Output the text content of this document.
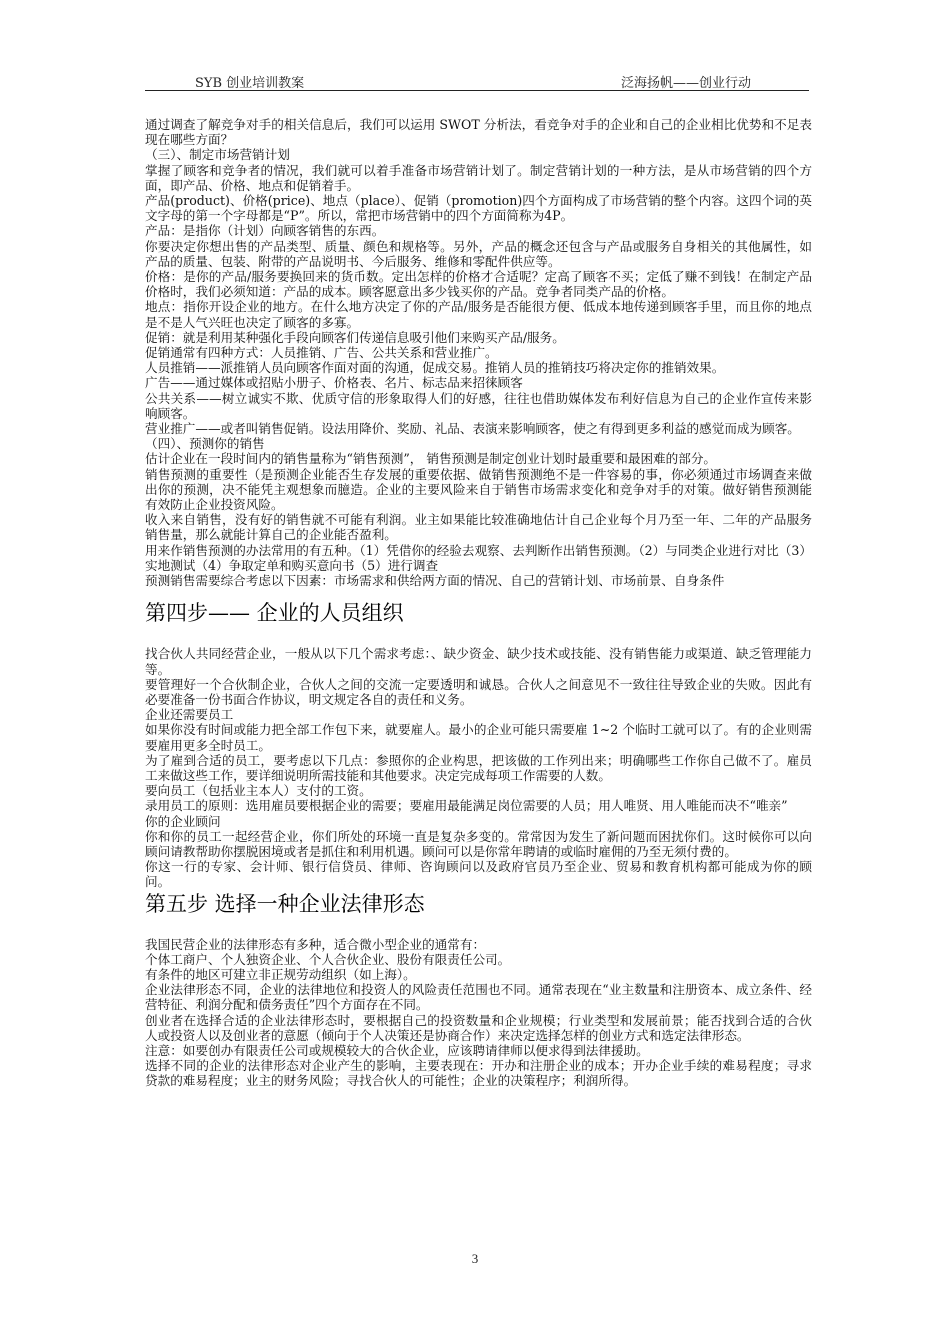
SYB 创业培训教案	泛海扬帆——创业行动

通过调查了解竞争对手的相关信息后，我们可以运用 SWOT 分析法，看竞争对手的企业和自己的企业相比优势和不足表现在哪些方面？

（三）、制定市场营销计划

掌握了顾客和竞争者的情况，我们就可以着手准备市场营销计划了。制定营销计划的一种方法，是从市场营销的四个方面，即产品、价格、地点和促销着手。

产品(product)、价格(price)、地点（place）、促销（promotion)四个方面构成了市场营销的整个内容。这四个词的英文字母的第一个字母都是“P”。所以，常把市场营销中的四个方面简称为4P。

产品：是指你（计划）向顾客销售的东西。

你要决定你想出售的产品类型、质量、颜色和规格等。另外，产品的概念还包含与产品或服务自身相关的其他属性，如产品的质量、包装、附带的产品说明书、今后服务、维修和零配件供应等。

价格：是你的产品/服务要换回来的货币数。定出怎样的价格才合适呢？定高了顾客不买；定低了赚不到钱！在制定产品价格时，我们必须知道：产品的成本。顾客愿意出多少钱买你的产品。竞争者同类产品的价格。

地点：指你开设企业的地方。在什么地方决定了你的产品/服务是否能很方便、低成本地传递到顾客手里，而且你的地点是不是人气兴旺也决定了顾客的多寡。

促销：就是利用某种强化手段向顾客们传递信息吸引他们来购买产品/服务。

促销通常有四种方式：人员推销、广告、公共关系和营业推广。

人员推销——派推销人员向顾客作面对面的沟通，促成交易。推销人员的推销技巧将决定你的推销效果。

广告——通过媒体或招贴小册子、价格表、名片、标志品来招徕顾客

公共关系——树立诚实不欺、优质守信的形象取得人们的好感，往往也借助媒体发布利好信息为自己的企业作宣传来影响顾客。

营业推广——或者叫销售促销。设法用降价、奖励、礼品、表演来影响顾客，使之有得到更多利益的感觉而成为顾客。

（四）、预测你的销售

估计企业在一段时间内的销售量称为“销售预测”， 销售预测是制定创业计划时最重要和最困难的部分。

销售预测的重要性（是预测企业能否生存发展的重要依据、做销售预测绝不是一件容易的事，你必须通过市场调查来做出你的预测，决不能凭主观想象而臆造。企业的主要风险来自于销售市场需求变化和竞争对手的对策。做好销售预测能有效防止企业投资风险。

收入来自销售，没有好的销售就不可能有利润。业主如果能比较准确地估计自己企业每个月乃至一年、二年的产品服务销售量，那么就能计算自己的企业能否盈利。

用来作销售预测的办法常用的有五种。（1）凭借你的经验去观察、去判断作出销售预测。（2）与同类企业进行对比（3）实地测试（4）争取定单和购买意向书（5）进行调查

预测销售需要综合考虑以下因素：市场需求和供给两方面的情况、自己的营销计划、市场前景、自身条件

第四步—— 企业的人员组织

找合伙人共同经营企业，一般从以下几个需求考虑：、缺少资金、缺少技术或技能、没有销售能力或渠道、缺乏管理能力等。

要管理好一个合伙制企业，合伙人之间的交流一定要透明和诚恳。合伙人之间意见不一致往往导致企业的失败。因此有必要准备一份书面合作协议，明文规定各自的责任和义务。

企业还需要员工

如果你没有时间或能力把全部工作包下来，就要雇人。最小的企业可能只需要雇 1~2 个临时工就可以了。有的企业则需要雇用更多全时员工。

为了雇到合适的员工，要考虑以下几点：参照你的企业构思，把该做的工作列出来；明确哪些工作你自己做不了。雇员工来做这些工作，要详细说明所需技能和其他要求。决定完成每项工作需要的人数。

要向员工（包括业主本人）支付的工资。

录用员工的原则：选用雇员要根据企业的需要；要雇用最能满足岗位需要的人员；用人唯贤、用人唯能而决不“唯亲”

你的企业顾问

你和你的员工一起经营企业，你们所处的环境一直是复杂多变的。常常因为发生了新问题而困扰你们。这时候你可以向顾问请教帮助你摆脱困境或者是抓住和利用机遇。顾问可以是你常年聘请的或临时雇佣的乃至无须付费的。

你这一行的专家、会计师、银行信贷员、律师、咨询顾问以及政府官员乃至企业、贸易和教育机构都可能成为你的顾问。

第五步 选择一种企业法律形态

我国民营企业的法律形态有多种，适合微小型企业的通常有：

个体工商户、个人独资企业、个人合伙企业、股份有限责任公司。

有条件的地区可建立非正规劳动组织（如上海）。

企业法律形态不同，企业的法律地位和投资人的风险责任范围也不同。通常表现在“业主数量和注册资本、成立条件、经营特征、利润分配和债务责任”四个方面存在不同。

创业者在选择合适的企业法律形态时，要根据自己的投资数量和企业规模；行业类型和发展前景；能否找到合适的合伙人或投资人以及创业者的意愿（倾向于个人决策还是协商合作）来决定选择怎样的创业方式和选定法律形态。

注意：如要创办有限责任公司或规模较大的合伙企业，应该聘请律师以便求得到法律援助。

选择不同的企业的法律形态对企业产生的影响，主要表现在：开办和注册企业的成本；开办企业手续的难易程度；寻求贷款的难易程度；业主的财务风险；寻找合伙人的可能性；企业的决策程序；利润所得。

3
